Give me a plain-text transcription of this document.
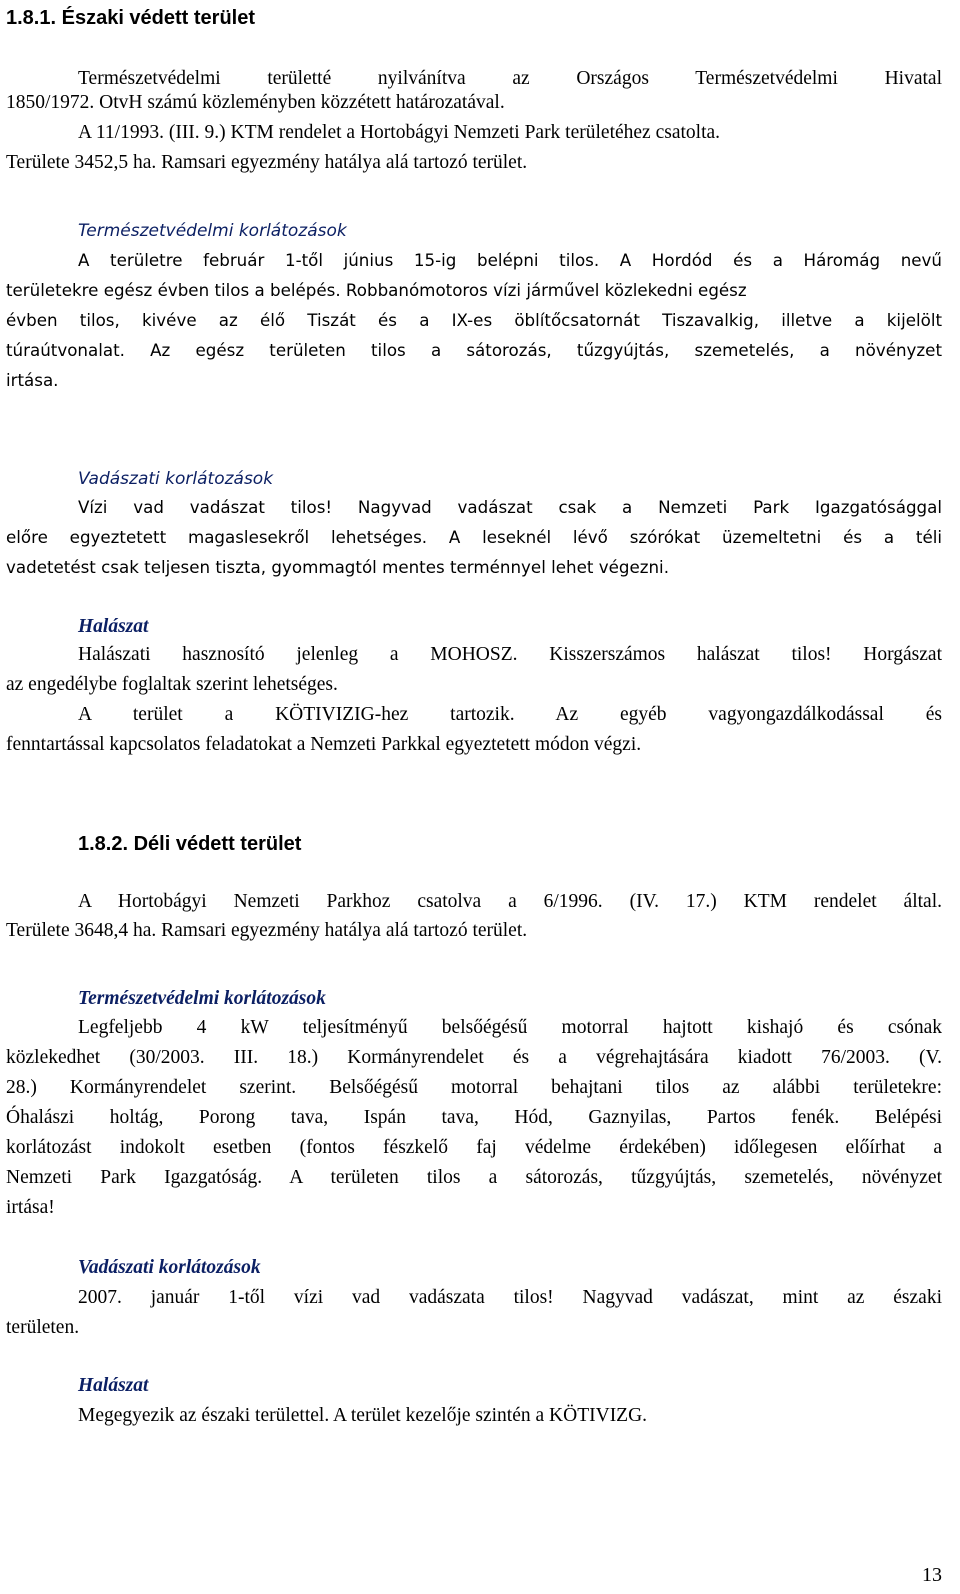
1.8.1. Északi védett terület
Természetvédelmi területté nyilvánítva az Országos Természetvédelmi Hivatal
1850/1972. OtvH számú közleményben közzétett határozatával.
A 11/1993. (III. 9.) KTM rendelet a Hortobágyi Nemzeti Park területéhez csatolta.
Területe 3452,5 ha. Ramsari egyezmény hatálya alá tartozó terület.
Természetvédelmi korlátozások
A területre február 1-től június 15-ig belépni tilos. A Hordód és a Háromág nevű
területekre egész évben tilos a belépés. Robbanómotoros vízi járművel közlekedni egész
évben tilos, kivéve az élő Tiszát és a IX-es öblítőcsatornát Tiszavalkig, illetve a kijelölt
túraútvonalat. Az egész területen tilos a sátorozás, tűzgyújtás, szemetelés, a növényzet
irtása.
Vadászati korlátozások
Vízi vad vadászat tilos! Nagyvad vadászat csak a Nemzeti Park Igazgatósággal
előre egyeztetett magaslesekről lehetséges. A leseknél lévő szórókat üzemeltetni és a téli
vadetetést csak teljesen tiszta, gyommagtól mentes terménnyel lehet végezni.
Halászat
Halászati hasznosító jelenleg a MOHOSZ. Kisszerszámos halászat tilos! Horgászat
az engedélybe foglaltak szerint lehetséges.
A terület a KÖTIVIZIG-hez tartozik. Az egyéb vagyongazdálkodással és
fenntartással kapcsolatos feladatokat a Nemzeti Parkkal egyeztetett módon végzi.
1.8.2. Déli védett terület
A Hortobágyi Nemzeti Parkhoz csatolva a 6/1996. (IV. 17.) KTM rendelet által.
Területe 3648,4 ha. Ramsari egyezmény hatálya alá tartozó terület.
Természetvédelmi korlátozások
Legfeljebb 4 kW teljesítményű belsőégésű motorral hajtott kishajó és csónak
közlekedhet (30/2003. III. 18.) Kormányrendelet és a végrehajtására kiadott 76/2003. (V.
28.) Kormányrendelet szerint. Belsőégésű motorral behajtani tilos az alábbi területekre:
Óhalászi holtág, Porong tava, Ispán tava, Hód, Gaznyilas, Partos fenék. Belépési
korlátozást indokolt esetben (fontos fészkelő faj védelme érdekében) időlegesen előírhat a
Nemzeti Park Igazgatóság. A területen tilos a sátorozás, tűzgyújtás, szemetelés, növényzet
irtása!
Vadászati korlátozások
2007. január 1-től vízi vad vadászata tilos! Nagyvad vadászat, mint az északi
területen.
Halászat
Megegyezik az északi területtel. A terület kezelője szintén a KÖTIVIZG.
13
